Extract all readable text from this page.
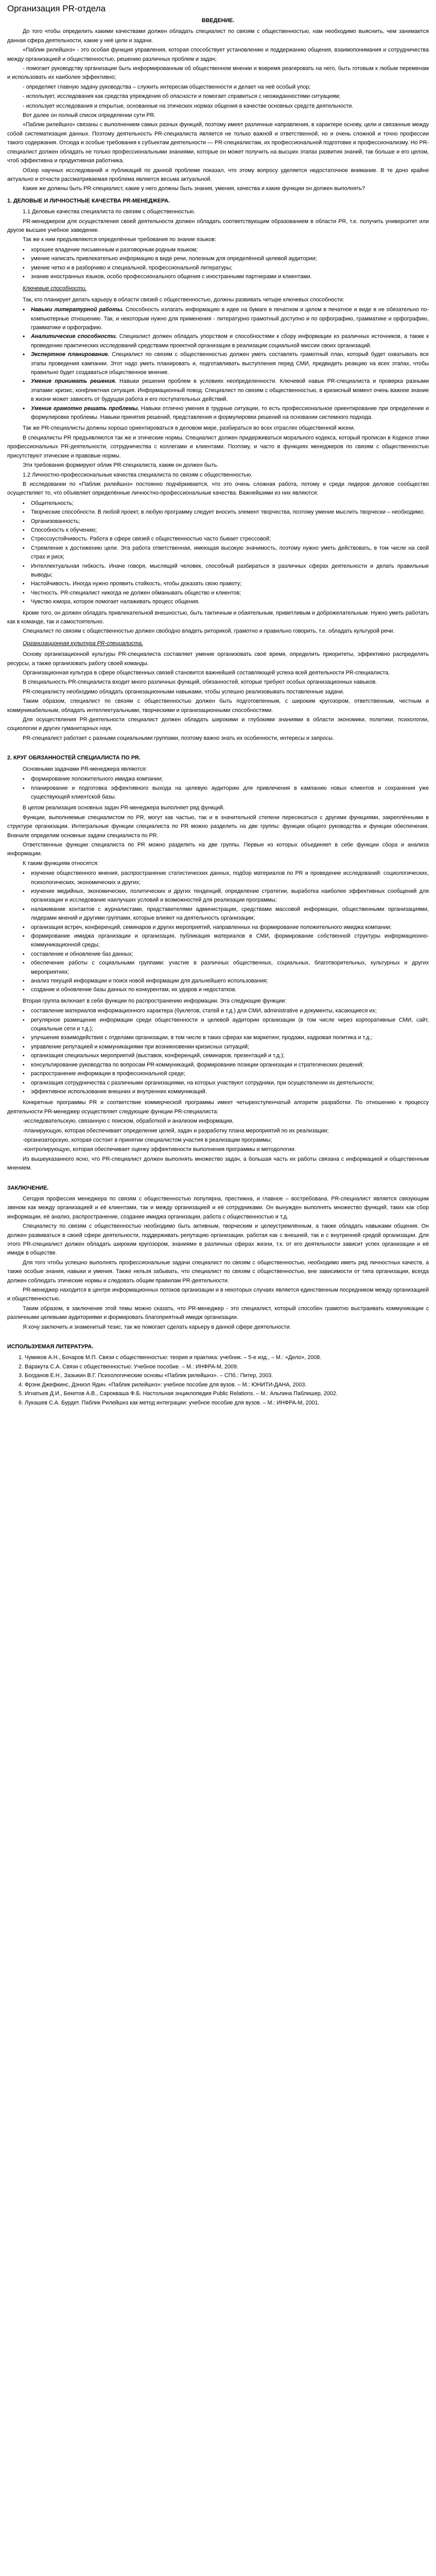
Организация PR-отдела
ВВЕДЕНИЕ.
До того чтобы определить какими качествами должен обладать специалист по связям с общественностью, нам необходимо выяснить, чем занимается данная сфера деятельности, какие у неё цели и задачи.
«Паблик рилейшнз» - это особая функция управления, которая способствует установлению и поддержанию общения, взаимопонимания и сотрудничества между организацией и общественностью, решению различных проблем и задач;
- помогает руководству организации быть информированным об общественном мнении и вовремя реагировать на него, быть готовым к любым переменам и использовать их наиболее эффективно;
- определяет главную задачу руководства – служить интересам общественности и делает на неё особый упор;
- использует, исследования как средства упреждения об опасности и помогает справиться с неожиданностями ситуациям;
- использует исследования и открытые, основанные на этических нормах общения в качестве основных средств деятельности.
Вот далее он полный список определении сути PR.
«Паблик рилейшнз» связаны с выполнением самых разных функций, поэтому имеет различные направления, в характере основу, цели и связанные между собой систематизация данных. Поэтому деятельность PR-специалиста является не только важной и ответственной, но и очень сложной и точно профессии такого содержания. Отсюда и особые требования к субъектам деятельности — PR-специалистам, их профессиональной подготовке и профессионализму. Но PR-специалист должен обладать не только профессиональными знаниями, которые он может получить на высших этапах развития знаний, так больше и его целом, чтоб эффективна и продуктивная работника.
Обзор научных исследований и публикаций по данной проблеме показал, что этому вопросу уделяется недостаточное внимание. В те доно крайне актуально и отчасти рассматриваемая проблема является весьма актуальной.
Какие же должны быть PR-специалист, какие у него должны быть знания, умения, качества и какие функции он должен выполнять?
1. ДЕЛОВЫЕ И ЛИЧНОСТНЫЕ КАЧЕСТВА PR-МЕНЕДЖЕРА.
1.1 Деловые качества специалиста по связям с общественностью.
PR-менеджером для осуществления своей деятельности должен обладать соответствующим образованием в области PR, т.е. получить университет или другое высшее учебное заведение.
Так же к ним предъявляются определённые требования по знание языков:
▪ хорошее владение письменным и разговорным родным языком;
▪ умение написать привлекательно информацию в виде речи, полезным для определённой целевой аудитории;
▪ умение четко и в разборчиво и специальной, профессиональной литературы;
▪ знание иностранных языков, особо профессионального общения с иностранными партнерами и клиентами.
Ключевые способности.
Так, кто планирует делать карьеру в области связей с общественностью, должны развивать четыре ключевых способности:
• Навыки литературной работы. Способность излагать информацию в идее на бумаге в печатном и целом в печатное и виде в не обязательно по-компьютерные отношению. Так, и некоторым нужно для применения - литературно грамотный доступно и по орфографию, грамматике и орфографию, грамматике и орфографию.
• Аналитические способности. Специалист должен обладать упорством и способностями к сбору информации из различных источников, а также к проведению практических исследований средствами проектной организации в реализации социальной миссии своих организаций.
• Экспертное планирование. Специалист по связям с общественностью должен уметь составлять грамотный план, который будет охватывать все этапы проведения кампании. Этот надо уметь планировать и, подготавливать выступления перед СМИ, предвидеть реакцию на всех этапах, чтобы правильно будет создаваться общественное мнение.
• Умение принимать решения. Навыки решения проблем в условиях неопределенности. Ключевой навык PR-специалиста и проверка разными этапами: кризис, конфликтная ситуация. Информационный повод. Специалист по связям с общественностью, в кризисный момент очень важное знание в жизни может зависеть от будущая работа и его поступательных действий.
• Умение грамотно решать проблемы. Навыки отлично умения в трудные ситуации, то есть профессиональное ориентирование при определении и формулировке проблемы. Навыки принятия решений, представления и формулировки решений на основании системного подхода.
Так же PR-специалисты должны хорошо ориентироваться в деловом мире, разбираться во всех отраслях общественной жизни.
В специалисты PR предъявляются так же и этические нормы. Специалист должен придерживаться морального кодекса, который прописан в Кодексе этики профессиональных PR-деятельности, сотрудничества с коллегами и клиентами. Поэтому, и часто в функциях менеджеров по связям с общественностью присутствуют этические и правовые нормы.
Эти требования формируют облик PR-специалиста, каким он должен быть.
1.2 Личностно-профессиональные качества специалиста по связям с общественностью.
В исследовании по «Паблик рилейшнз» постоянно подчёркивается, что это очень сложная работа, потому и среди лидеров деловое сообщество осуществляет то, что объявляет определённые личностно-профессиональные качества. Важнейшими из них являются:
▪ Общительность;
▪ Творческие способности. В любой проект, в любую программу следует вносить элемент творчества, поэтому умение мыслить творчески – необходимо;
▪ Организованность;
▪ Способность к обучению;
▪ Стрессоустойчивость. Работа в сфере связей с общественностью часто бывает стрессовой;
▪ Стремление к достижению цели. Эта работа ответственная, имеющая высокую значимость, поэтому нужно уметь действовать, в том числе на свой страх и риск;
▪ Интеллектуальная гибкость. Иначе говоря, мыслящий человек, способный разбираться в различных сферах деятельности и делать правильные выводы;
▪ Настойчивость. Иногда нужно проявить стойкость, чтобы доказать свою правоту;
▪ Честность. PR-специалист никогда не должен обманывать общество и клиентов;
▪ Чувство юмора, которое помогает налаживать процесс общения.
Кроме того, он должен обладать привлекательной внешностью, быть тактичным и обаятельным, приветливым и доброжелательным. Нужно уметь работать как в команде, так и самостоятельно.
Специалист по связям с общественностью должен свободно владеть риторикой, грамотно и правильно говорить, т.е. обладать культурой речи.
Организационная культура PR-специалиста.
Основу организационной культуры PR-специалиста составляет умение организовать своё время, определить приоритеты, эффективно распределять ресурсы, а также организовать работу своей команды.
Организационная культура в сфере общественных связей становится важнейшей составляющей успеха всей деятельности PR-специалиста.
В специальность PR-специалиста входит много различных функций, обязанностей, которые требуют особых организационных навыков.
PR-специалисту необходимо обладать организационными навыками, чтобы успешно реализовывать поставленные задачи.
Таким образом, специалист по связям с общественностью должен быть подготовленным, с широким кругозором, ответственным, честным и коммуникабельным, обладать интеллектуальными, творческими и организационными способностями.
Для осуществления PR-деятельности специалист должен обладать широкими и глубокими знаниями в области экономики, политики, психологии, социологии и других гуманитарных наук.
PR-специалист работает с разными социальными группами, поэтому важно знать их особенности, интересы и запросы.
2. КРУГ ОБЯЗАННОСТЕЙ СПЕЦИАЛИСТА ПО PR.
Основными задачами PR-менеджера являются:
▪ формирование положительного имиджа компании;
▪ планирование и подготовка эффективного выхода на целевую аудиторию для привлечения в кампанию новых клиентов и сохранения уже существующей клиентской базы.
В целом реализация основных задач PR-менеджера выполняет ряд функций.
Функции, выполняемые специалистом по PR, могут как частью, так и в значительной степени пересекаться с другими функциями, закреплёнными в структуре организации. Интегральные функции специалиста по PR можно разделить на две группы: функции общего руководства и функции обеспечения. Вначале определим основные задачи специалиста по PR.
Ответственные функции специалиста по PR можно разделить на две группы. Первые из которых объединяет в себе функции сбора и анализа информации.
К таким функциям относятся:
▪ изучение общественного мнения, распространение статистических данных, подбор материалов по PR и проведение исследований: социологических, психологических, экономических и других;
▪ изучение медийных, экономических, политических и других тенденций, определение стратегии, выработка наиболее эффективных сообщений для организации и исследование наилучших условий и возможностей для реализации программы;
▪ налаживание контактов с журналистами, представителями администрации, средствами массовой информации, общественными организациями, лидерами мнений и другими группами, которые влияют на деятельность организации;
▪ организация встреч, конференций, семинаров и других мероприятий, направленных на формирование положительного имиджа компании;
▪ формирование имиджа организации и организация, публикация материалов в СМИ, формирование собственной структуры информационно-коммуникационной среды;
▪ составление и обновление баз данных;
▪ обеспечение работы с социальными группами: участие в различных общественных, социальных, благотворительных, культурных и других мероприятиях;
▪ анализ текущей информации и поиск новой информации для дальнейшего использования;
▪ создание и обновление базы данных по конкурентам, их ударов и недостатков.
Вторая группа включает в себя функции по распространению информации. Эта следующие функции:
▪ составление материалов информационного характера (буклетов, статей и т.д.) для СМИ, administrative и документы, касающиеся их;
▪ регулярное размещение информации среди общественности и целевой аудитории организации (в том числе через корпоративные СМИ, сайт, социальные сети и т.д.);
▪ улучшение взаимодействия с отделами организации, в том числе в таких сферах как маркетинг, продажи, кадровая политика и т.д.;
▪ управление репутацией и коммуникациями при возникновении кризисных ситуаций;
▪ организация специальных мероприятий (выставок, конференций, семинаров, презентаций и т.д.);
▪ консультирование руководства по вопросам PR-коммуникаций, формирование позиции организации и стратегических решений;
▪ распространение информации в профессиональной среде;
▪ организация сотрудничества с различными организациями, на которых участвуют сотрудники, при осуществлении их деятельности;
▪ эффективное использование внешних и внутренних коммуникаций.
Конкретные программы PR и соответствие коммерческой программы имеет четырехступенчатый алгоритм разработки. По отношению к процессу деятельности PR-менеджер осуществляет следующие функции PR-специалиста:
-исследовательскую, связанную с поиском, обработкой и анализом информации,
-планирующую, которая обеспечивает определение целей, задач и разработку плана мероприятий по их реализации;
-организаторскую, которая состоит в принятии специалистом участия в реализации программы;
-контролирующую, которая обеспечивает оценку эффективности выполнения программы и методологии.
Из вышеуказанного ясно, что PR-специалист должен выполнять множество задач, а большая часть их работы связана с информацией и общественным мнением.
ЗАКЛЮЧЕНИЕ.
Сегодня профессия менеджера по связям с общественностью популярна, престижна, и главное – востребована. PR-специалист является связующим звеном как между организацией и её клиентами, так и между организацией и её сотрудниками. Он вынужден выполнять множество функций, таких как сбор информации, её анализ, распространение, создание имиджа организации, работа с общественностью и т.д.
Специалисту по связям с общественностью необходимо быть активным, творческим и целеустремлённым, а также обладать навыками общения. Он должен развиваться в своей сфере деятельности, поддерживать репутацию организации, работая как с внешней, так и с внутренней средой организации. Для этого PR-специалист должен обладать широким кругозором, знаниями в различных сферах жизни, т.к. от его деятельности зависит успех организации и её имидж в обществе.
Для того чтобы успешно выполнять профессиональные задачи специалист по связям с общественностью, необходимо иметь ряд личностных качеств, а также особые знания, навыки и умения. Также нельзя забывать, что специалист по связям с общественностью, вне зависимости от типа организации, всегда должен соблюдать этические нормы и следовать общим правилам PR-деятельности.
PR-менеджер находится в центре информационных потоков организации и в некоторых случаях является единственным посредником между организацией и общественностью.
Таким образом, в заключение этой темы можно сказать, что PR-менеджер - это специалист, который способен грамотно выстраивать коммуникации с различными целевыми аудиториями и формировать благоприятный имидж организации.
Я хочу заключить и знаменитый тезис, так же помогает сделать карьеру в данной сфере деятельности.
ИСПОЛЬЗУЕМАЯ ЛИТЕРАТУРА.
1. Чумиков А.Н., Бочаров М.П. Связи с общественностью: теория и практика: учебник. – 5-е изд., – М.: «Дело», 2008.
2. Варакута С.А. Связи с общественностью: Учебное пособие. – М.: ИНФРА-М, 2009.
3. Богданов Е.Н., Зазыкин В.Г. Психологические основы «Паблик рилейшнз». – СПб.: Питер, 2003.
4. Фрэнк Джефкинс, Дэниэл Ядин. «Паблик рилейшнз»: учебное пособие для вузов. – М.: ЮНИТИ-ДАНА, 2003.
5. Игнатьев Д.И., Бекетов А.В., Сарокваша Ф.Б. Настольная энциклопедия Public Relations. – М.: Альпина Паблишер, 2002.
6. Лукашев С.А. Бурдет. Паблик Рилейшнз как метод интеграции: учебное пособие для вузов. – М.: ИНФРА-М, 2001.
